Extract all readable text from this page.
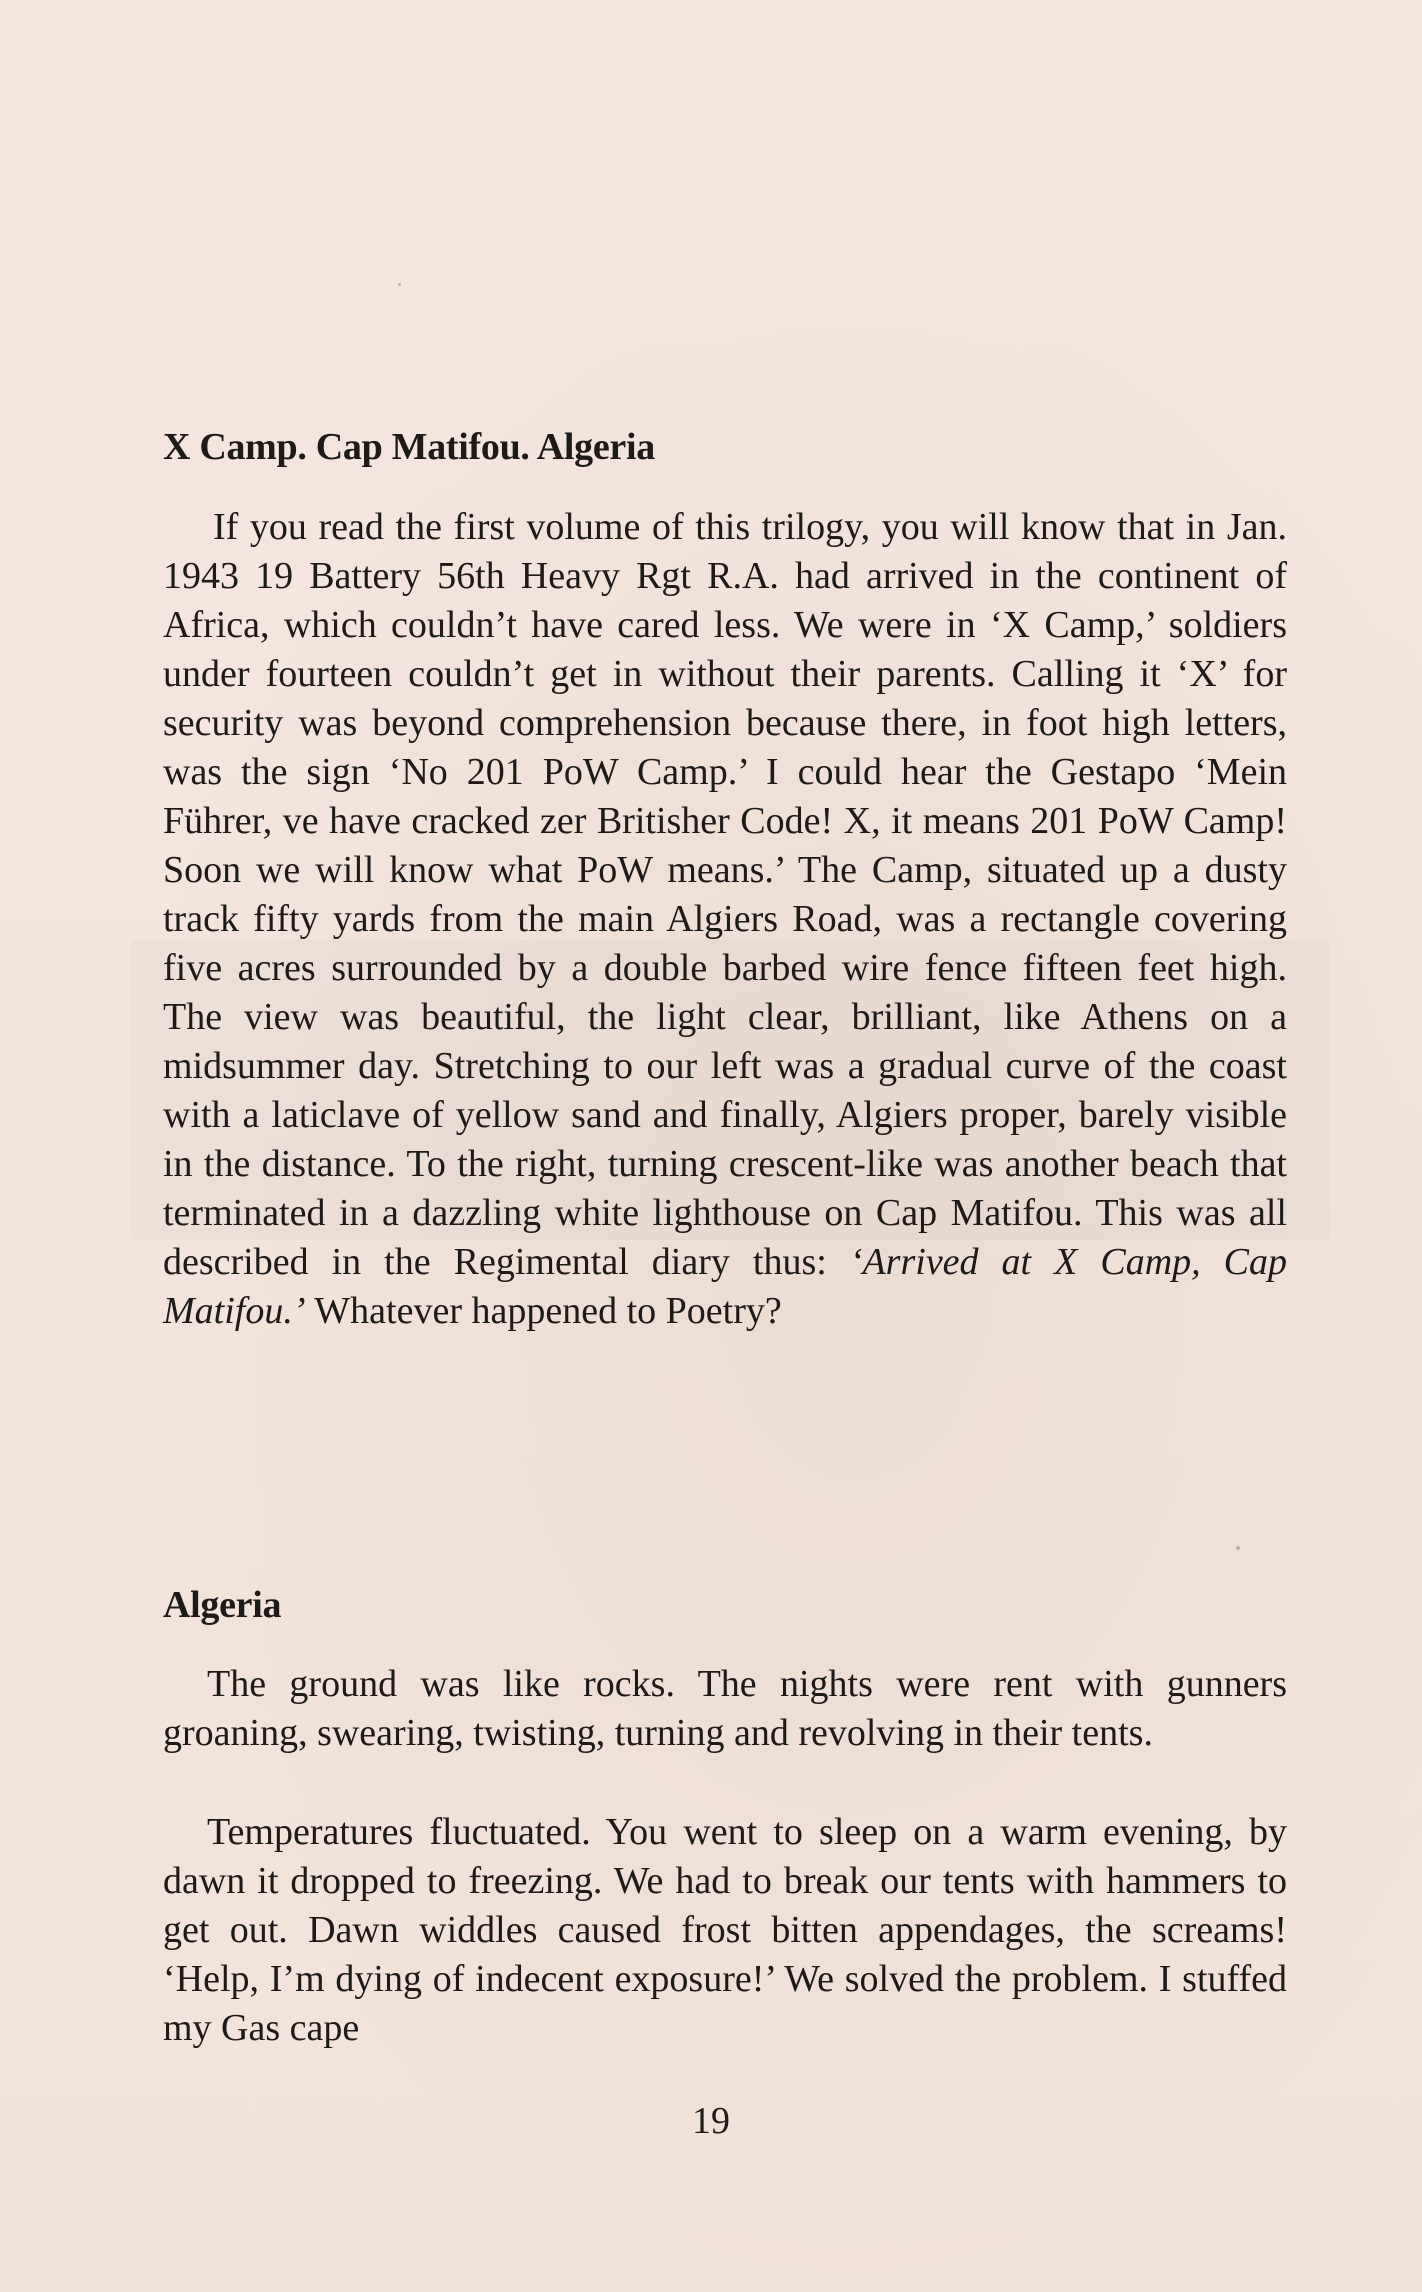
X Camp. Cap Matifou. Algeria

If you read the first volume of this trilogy, you will know that in Jan. 1943 19 Battery 56th Heavy Rgt R.A. had arrived in the continent of Africa, which couldn’t have cared less. We were in ‘X Camp,’ soldiers under fourteen couldn’t get in without their parents. Calling it ‘X’ for security was beyond comprehension because there, in foot high letters, was the sign ‘No 201 PoW Camp.’ I could hear the Gestapo ‘Mein Führer, ve have cracked zer Britisher Code! X, it means 201 PoW Camp! Soon we will know what PoW means.’ The Camp, situated up a dusty track fifty yards from the main Algiers Road, was a rectangle covering five acres surrounded by a double barbed wire fence fifteen feet high. The view was beautiful, the light clear, brilliant, like Athens on a midsummer day. Stretching to our left was a gradual curve of the coast with a laticlave of yellow sand and finally, Algiers proper, barely visible in the distance. To the right, turning crescent-like was another beach that terminated in a dazzling white lighthouse on Cap Matifou. This was all described in the Regimental diary thus: ‘Arrived at X Camp, Cap Matifou.’ Whatever happened to Poetry?

Algeria

The ground was like rocks. The nights were rent with gunners groaning, swearing, twisting, turning and revolving in their tents.

Temperatures fluctuated. You went to sleep on a warm evening, by dawn it dropped to freezing. We had to break our tents with hammers to get out. Dawn widdles caused frost bitten appendages, the screams! ‘Help, I’m dying of indecent exposure!’ We solved the problem. I stuffed my Gas cape

19
